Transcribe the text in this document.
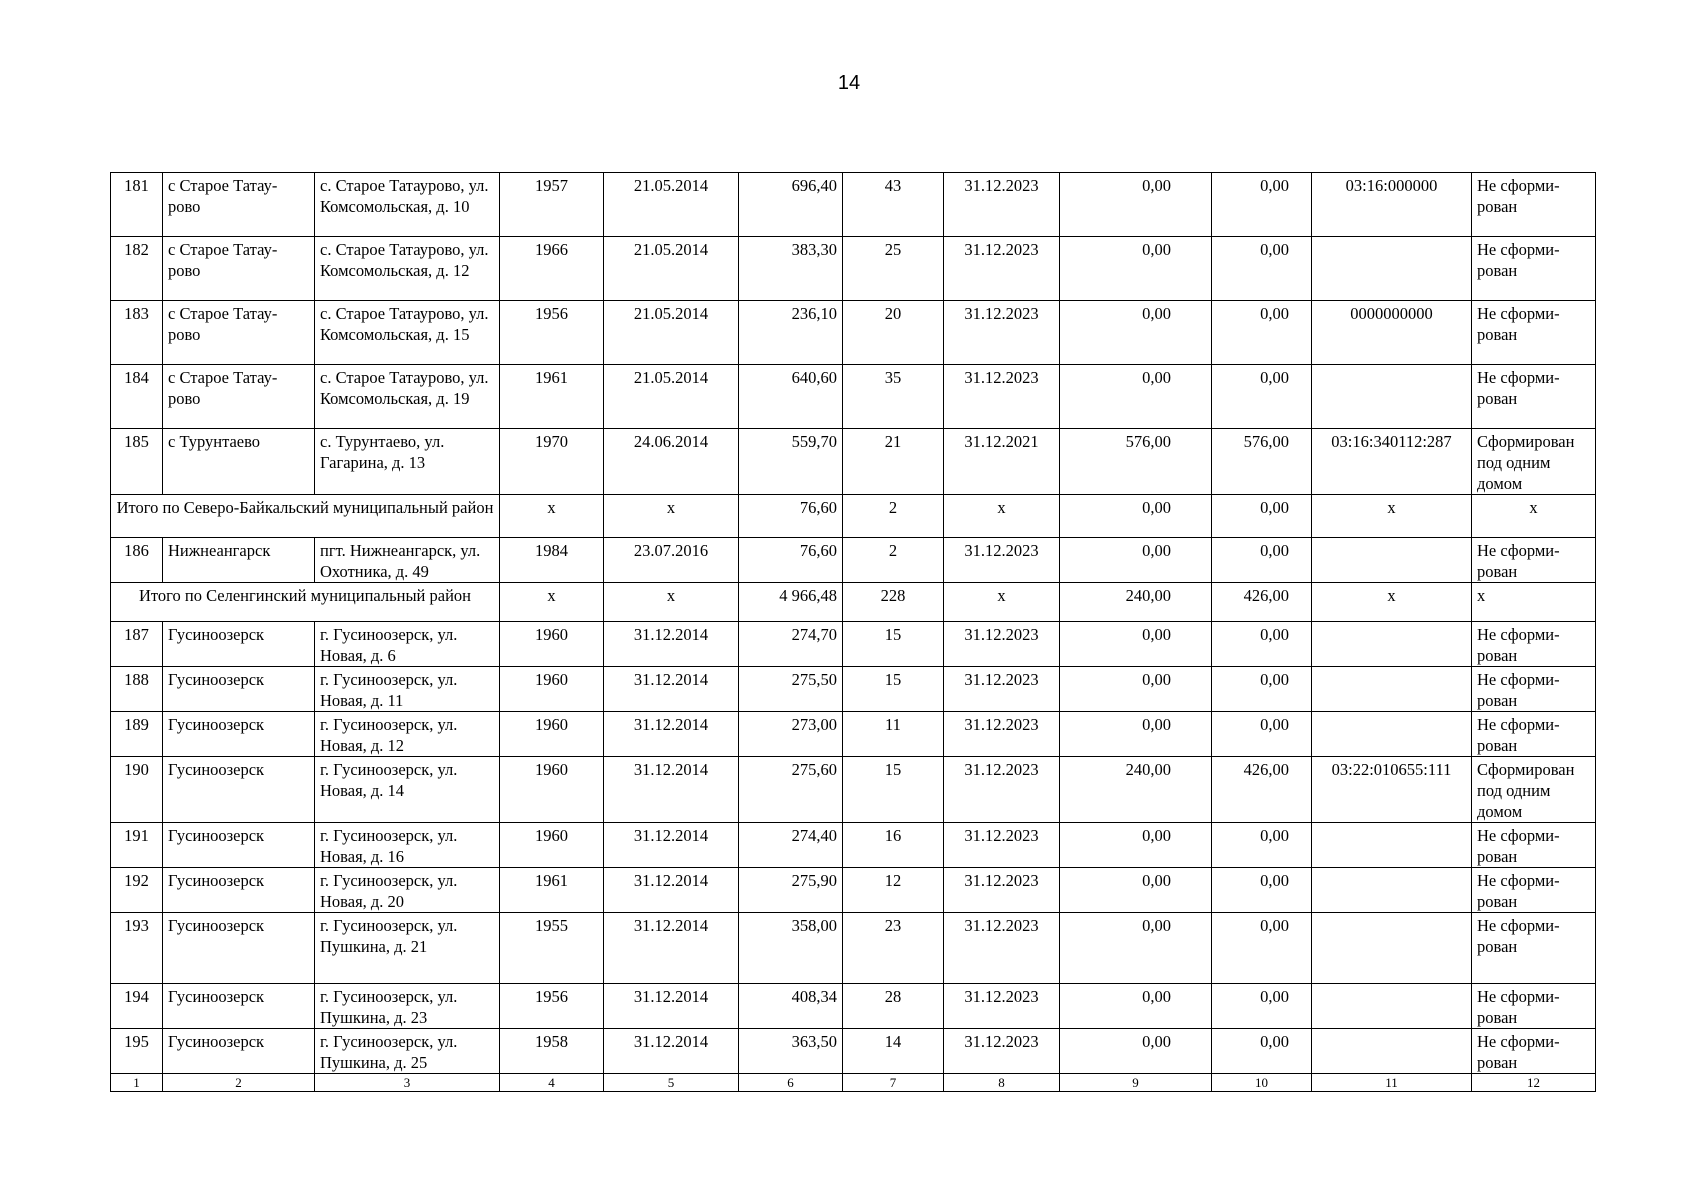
14
181	с Старое Татау-рово	с. Старое Татаурово, ул. Комсомольская, д. 10	1957	21.05.2014	696,40	43	31.12.2023	0,00	0,00	03:16:000000	Не сформи-рован
182	с Старое Татау-рово	с. Старое Татаурово, ул. Комсомольская, д. 12	1966	21.05.2014	383,30	25	31.12.2023	0,00	0,00		Не сформи-рован
183	с Старое Татау-рово	с. Старое Татаурово, ул. Комсомольская, д. 15	1956	21.05.2014	236,10	20	31.12.2023	0,00	0,00	0000000000	Не сформи-рован
184	с Старое Татау-рово	с. Старое Татаурово, ул. Комсомольская, д. 19	1961	21.05.2014	640,60	35	31.12.2023	0,00	0,00		Не сформи-рован
185	с Турунтаево	с. Турунтаево, ул. Гагарина, д. 13	1970	24.06.2014	559,70	21	31.12.2021	576,00	576,00	03:16:340112:287	Сформирован под одним домом
Итого по Северо-Байкальский муниципальный район			x	x	76,60	2	x	0,00	0,00	x	x
186	Нижнеангарск	пгт. Нижнеангарск, ул. Охотника, д. 49	1984	23.07.2016	76,60	2	31.12.2023	0,00	0,00		Не сформи-рован
Итого по Селенгинский муниципальный район			x	x	4 966,48	228	x	240,00	426,00	x	x
187	Гусиноозерск	г. Гусиноозерск, ул. Новая, д. 6	1960	31.12.2014	274,70	15	31.12.2023	0,00	0,00		Не сформи-рован
188	Гусиноозерск	г. Гусиноозерск, ул. Новая, д. 11	1960	31.12.2014	275,50	15	31.12.2023	0,00	0,00		Не сформи-рован
189	Гусиноозерск	г. Гусиноозерск, ул. Новая, д. 12	1960	31.12.2014	273,00	11	31.12.2023	0,00	0,00		Не сформи-рован
190	Гусиноозерск	г. Гусиноозерск, ул. Новая, д. 14	1960	31.12.2014	275,60	15	31.12.2023	240,00	426,00	03:22:010655:111	Сформирован под одним домом
191	Гусиноозерск	г. Гусиноозерск, ул. Новая, д. 16	1960	31.12.2014	274,40	16	31.12.2023	0,00	0,00		Не сформи-рован
192	Гусиноозерск	г. Гусиноозерск, ул. Новая, д. 20	1961	31.12.2014	275,90	12	31.12.2023	0,00	0,00		Не сформи-рован
193	Гусиноозерск	г. Гусиноозерск, ул. Пушкина, д. 21	1955	31.12.2014	358,00	23	31.12.2023	0,00	0,00		Не сформи-рован
194	Гусиноозерск	г. Гусиноозерск, ул. Пушкина, д. 23	1956	31.12.2014	408,34	28	31.12.2023	0,00	0,00		Не сформи-рован
195	Гусиноозерск	г. Гусиноозерск, ул. Пушкина, д. 25	1958	31.12.2014	363,50	14	31.12.2023	0,00	0,00		Не сформи-рован
1	2	3	4	5	6	7	8	9	10	11	12
